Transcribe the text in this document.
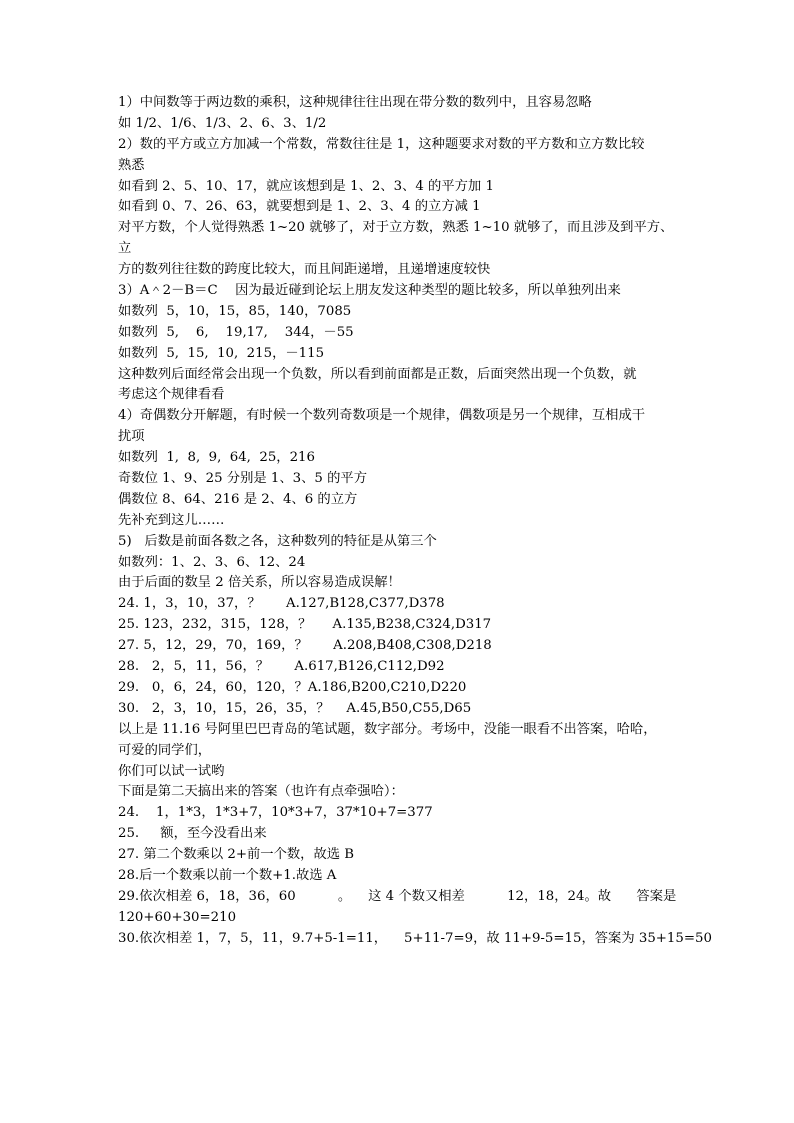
1）中间数等于两边数的乘积，这种规律往往出现在带分数的数列中，且容易忽略
如 1/2、1/6、1/3、2、6、3、1/2
2）数的平方或立方加减一个常数，常数往往是 1，这种题要求对数的平方数和立方数比较
熟悉
如看到 2、5、10、17，就应该想到是 1、2、3、4 的平方加 1
如看到 0、7、26、63，就要想到是 1、2、3、4 的立方减 1
对平方数，个人觉得熟悉 1~20 就够了，对于立方数，熟悉 1~10 就够了，而且涉及到平方、
立
方的数列往往数的跨度比较大，而且间距递增，且递增速度较快
3）A＾2－B＝C　 因为最近碰到论坛上朋友发这种类型的题比较多，所以单独列出来
如数列  5，10，15，85，140，7085
如数列  5,    6,    19,17,    344，－55
如数列  5,  15,  10,  215，－115
这种数列后面经常会出现一个负数，所以看到前面都是正数，后面突然出现一个负数，就
考虑这个规律看看
4）奇偶数分开解题，有时候一个数列奇数项是一个规律，偶数项是另一个规律，互相成干
扰项
如数列  1,  8,  9,  64,  25，216
奇数位 1、9、25 分别是 1、3、5 的平方
偶数位 8、64、216 是 2、4、6 的立方
先补充到这儿……
5)   后数是前面各数之各，这种数列的特征是从第三个
如数列：1、2、3、6、12、24
由于后面的数呈 2 倍关系，所以容易造成误解！
24. 1，3，10，37，？      A.127,B128,C377,D378
25. 123，232，315，128，？     A.135,B238,C324,D317
27. 5，12，29，70，169，？      A.208,B408,C308,D218
28.   2，5，11，56，？      A.617,B126,C112,D92
29.   0，6，24，60，120，？A.186,B200,C210,D220
30.   2，3，10，15，26，35，？    A.45,B50,C55,D65
以上是 11.16 号阿里巴巴青岛的笔试题，数字部分。考场中，没能一眼看不出答案，哈哈，
可爱的同学们，
你们可以试一试哟
下面是第二天搞出来的答案（也许有点牵强哈）：
24.    1，1*3，1*3+7，10*3+7，37*10+7=377
25.     额，至今没看出来
27. 第二个数乘以 2+前一个数，故选 B
28.后一个数乘以前一个数+1.故选 A
29.依次相差 6，18，36，60          。    这 4 个数又相差          12，18，24。故      答案是
120+60+30=210
30.依次相差 1，7，5，11，9.7+5-1=11，    5+11-7=9，故 11+9-5=15，答案为 35+15=50
